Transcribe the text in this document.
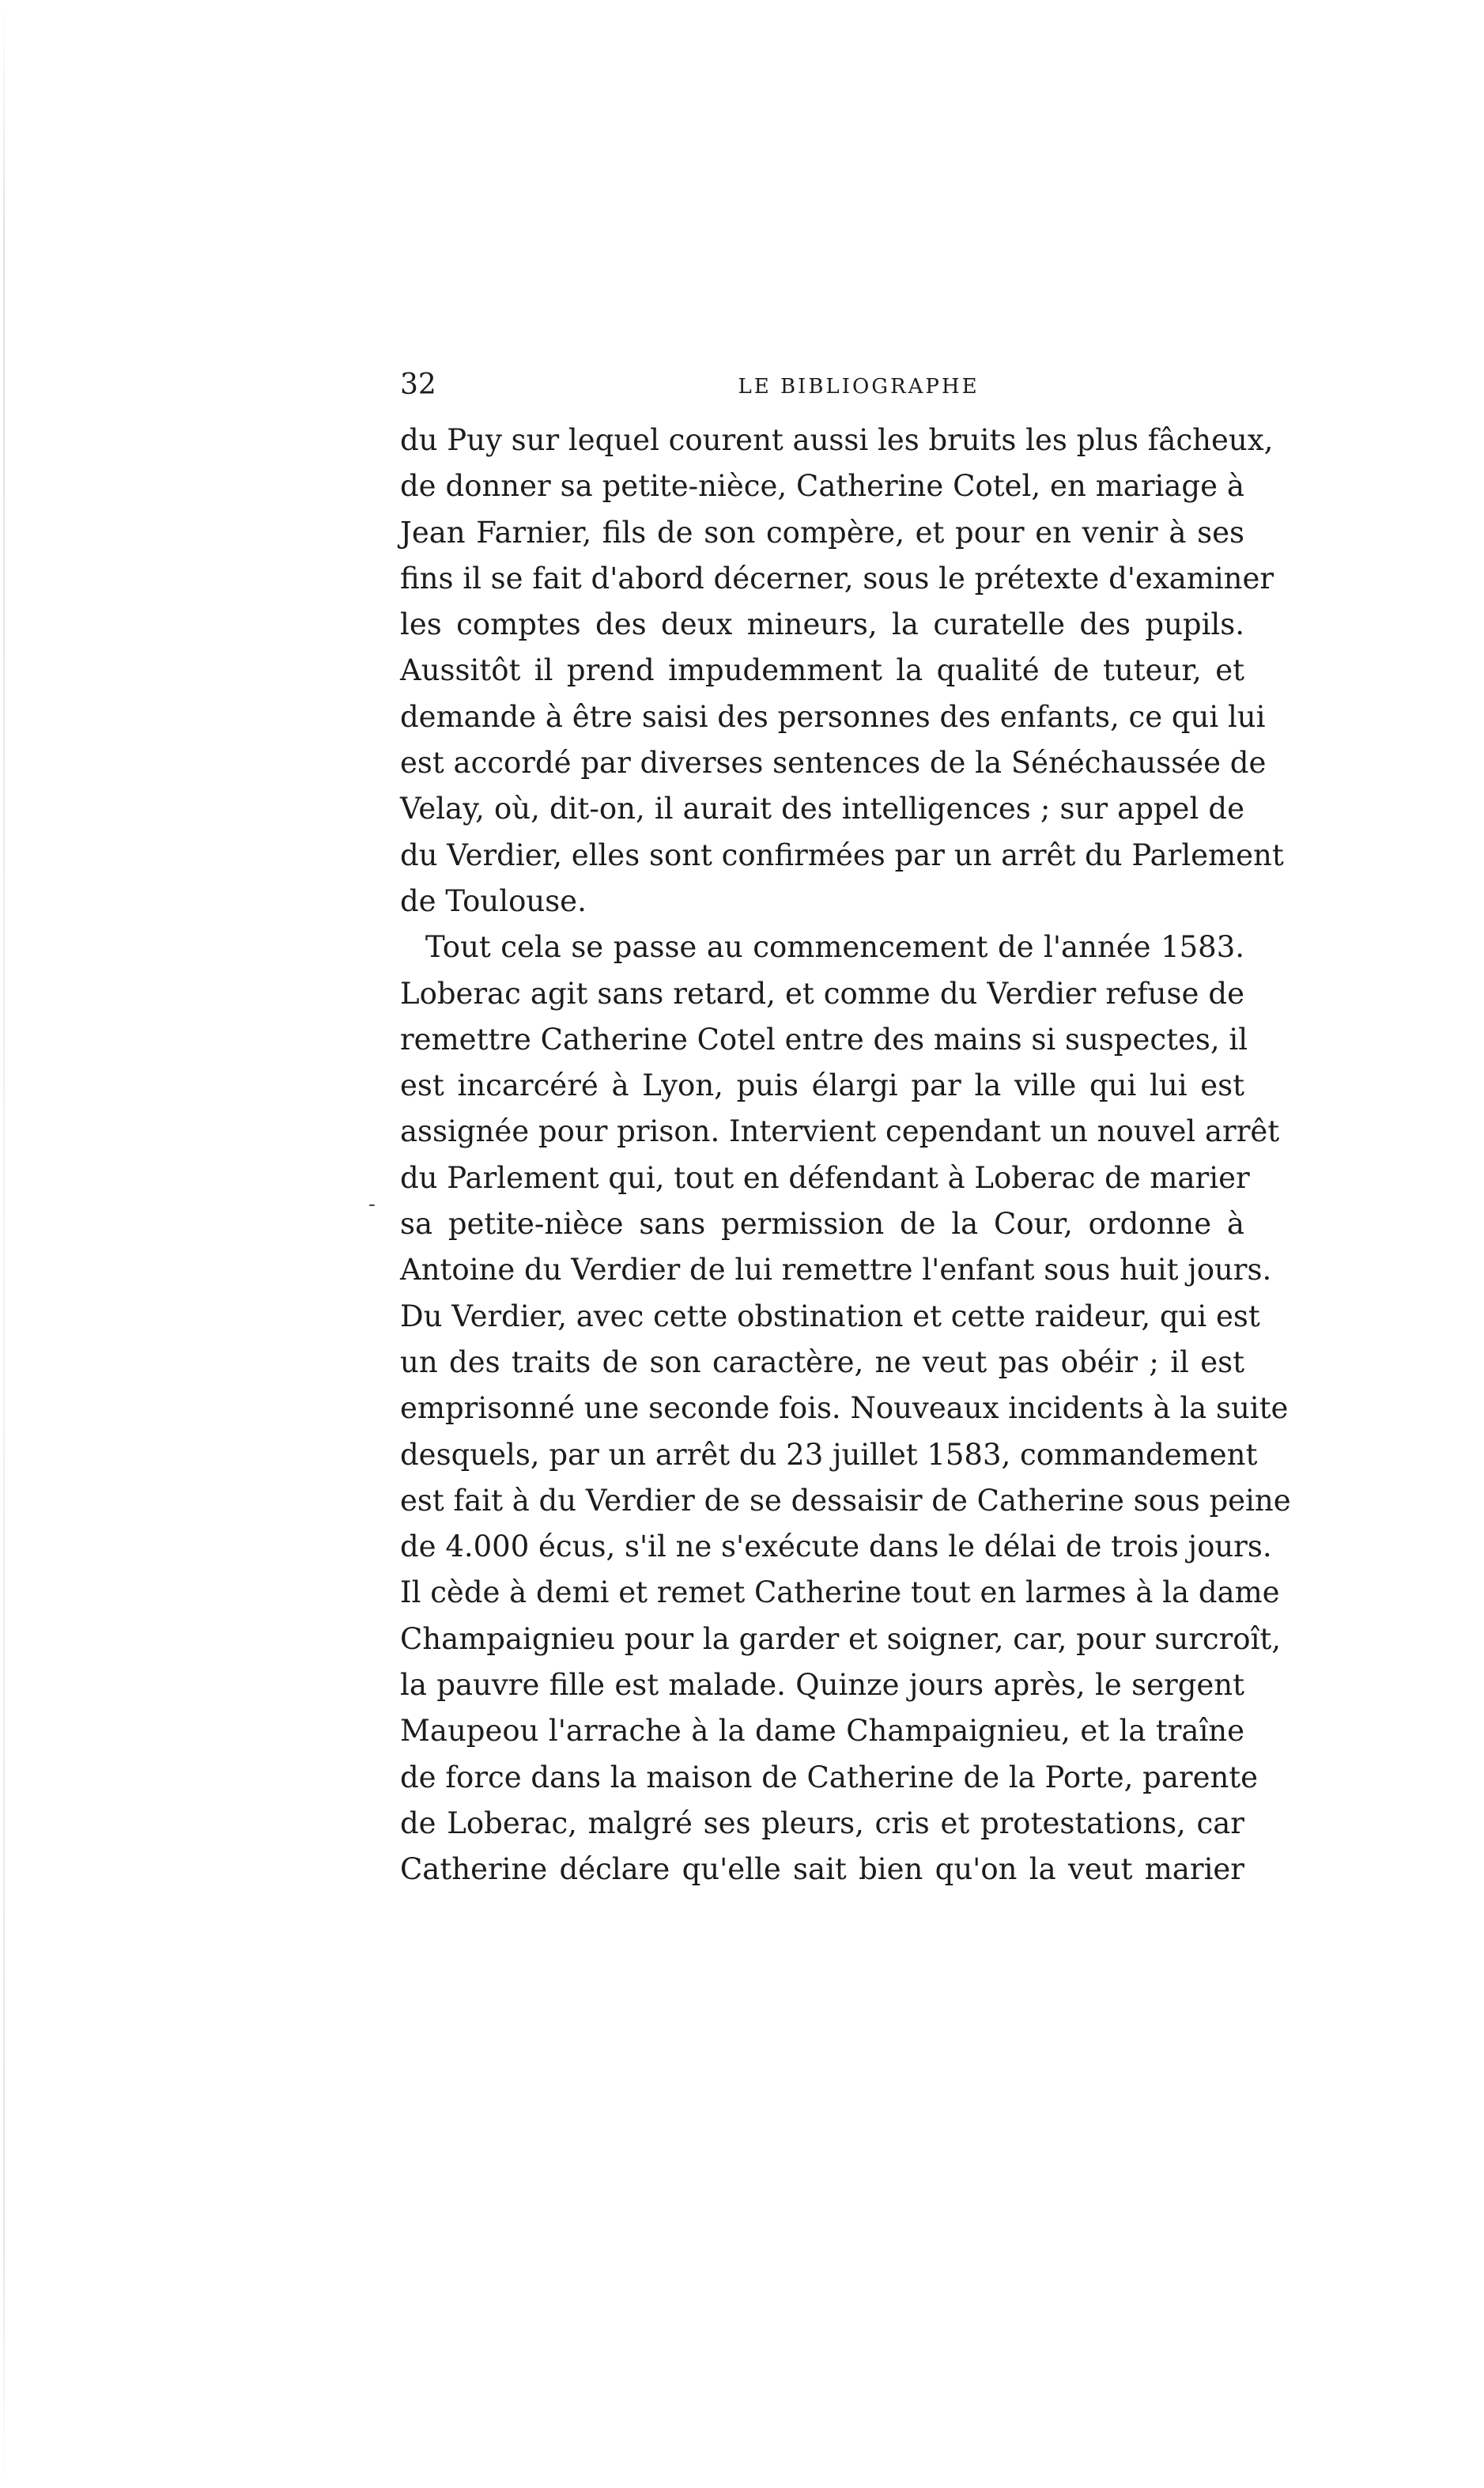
32	LE BIBLIOGRAPHE
-
du Puy sur lequel courent aussi les bruits les plus fâcheux,
de donner sa petite-nièce, Catherine Cotel, en mariage à
Jean Farnier, fils de son compère, et pour en venir à ses
fins il se fait d'abord décerner, sous le prétexte d'examiner
les comptes des deux mineurs, la curatelle des pupils.
Aussitôt il prend impudemment la qualité de tuteur, et
demande à être saisi des personnes des enfants, ce qui lui
est accordé par diverses sentences de la Sénéchaussée de
Velay, où, dit-on, il aurait des intelligences ; sur appel de
du Verdier, elles sont confirmées par un arrêt du Parlement
de Toulouse.
Tout cela se passe au commencement de l'année 1583.
Loberac agit sans retard, et comme du Verdier refuse de
remettre Catherine Cotel entre des mains si suspectes, il
est incarcéré à Lyon, puis élargi par la ville qui lui est
assignée pour prison. Intervient cependant un nouvel arrêt
du Parlement qui, tout en défendant à Loberac de marier
sa petite-nièce sans permission de la Cour, ordonne à
Antoine du Verdier de lui remettre l'enfant sous huit jours.
Du Verdier, avec cette obstination et cette raideur, qui est
un des traits de son caractère, ne veut pas obéir ; il est
emprisonné une seconde fois. Nouveaux incidents à la suite
desquels, par un arrêt du 23 juillet 1583, commandement
est fait à du Verdier de se dessaisir de Catherine sous peine
de 4.000 écus, s'il ne s'exécute dans le délai de trois jours.
Il cède à demi et remet Catherine tout en larmes à la dame
Champaignieu pour la garder et soigner, car, pour surcroît,
la pauvre fille est malade. Quinze jours après, le sergent
Maupeou l'arrache à la dame Champaignieu, et la traîne
de force dans la maison de Catherine de la Porte, parente
de Loberac, malgré ses pleurs, cris et protestations, car
Catherine déclare qu'elle sait bien qu'on la veut marier
